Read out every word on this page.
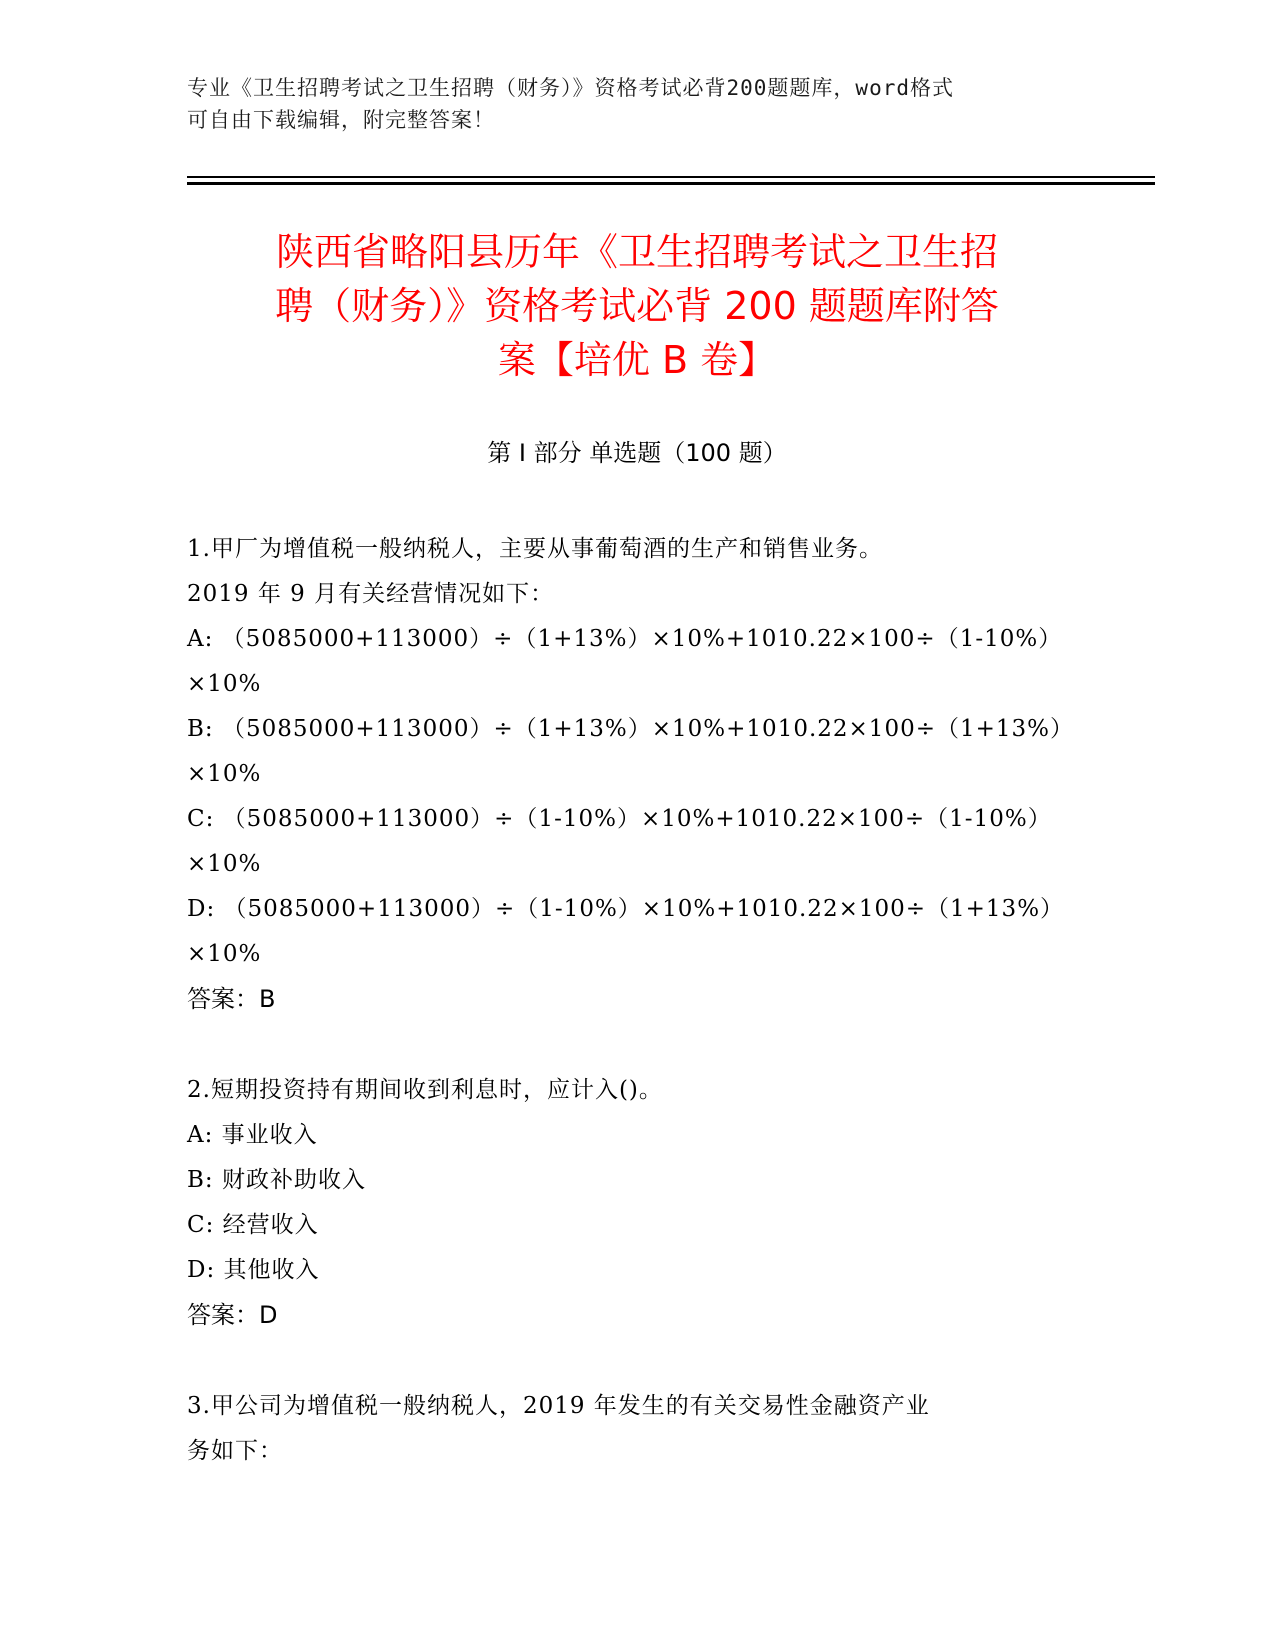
专业《卫生招聘考试之卫生招聘（财务）》资格考试必背200题题库，word格式
可自由下载编辑，附完整答案！
陕西省略阳县历年《卫生招聘考试之卫生招
聘（财务）》资格考试必背 200 题题库附答
案【培优 B 卷】
第 I 部分 单选题（100 题）
1.甲厂为增值税一般纳税人，主要从事葡萄酒的生产和销售业务。
2019 年 9 月有关经营情况如下：
A: （5085000+113000）÷（1+13%）×10%+1010.22×100÷（1-10%）
×10%
B: （5085000+113000）÷（1+13%）×10%+1010.22×100÷（1+13%）
×10%
C: （5085000+113000）÷（1-10%）×10%+1010.22×100÷（1-10%）
×10%
D: （5085000+113000）÷（1-10%）×10%+1010.22×100÷（1+13%）
×10%
答案：B
2.短期投资持有期间收到利息时，应计入()。
A: 事业收入
B: 财政补助收入
C: 经营收入
D: 其他收入
答案：D
3.甲公司为增值税一般纳税人，2019 年发生的有关交易性金融资产业
务如下：
